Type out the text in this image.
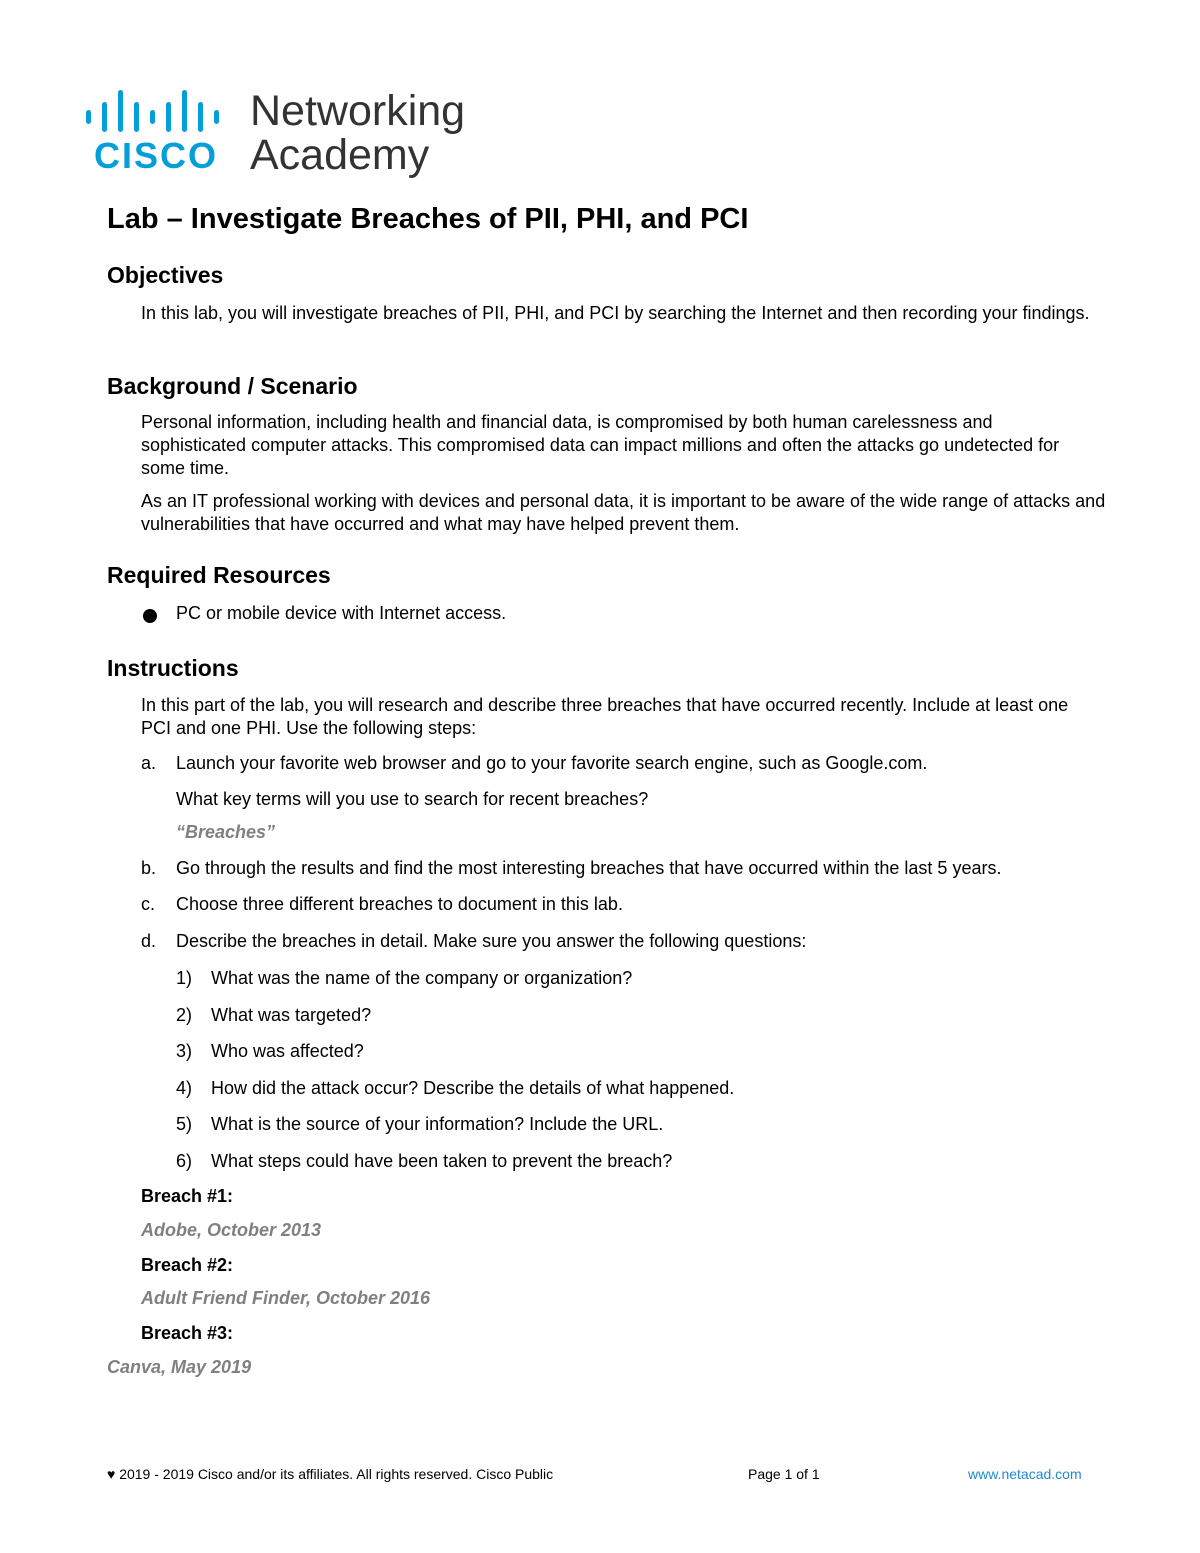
CISCO
Networking
Academy
Lab – Investigate Breaches of PII, PHI, and PCI
Objectives
In this lab, you will investigate breaches of PII, PHI, and PCI by searching the Internet and then recording your findings.
Background / Scenario
Personal information, including health and financial data, is compromised by both human carelessness and sophisticated computer attacks. This compromised data can impact millions and often the attacks go undetected for some time.
As an IT professional working with devices and personal data, it is important to be aware of the wide range of attacks and vulnerabilities that have occurred and what may have helped prevent them.
Required Resources
PC or mobile device with Internet access.
Instructions
In this part of the lab, you will research and describe three breaches that have occurred recently. Include at least one PCI and one PHI. Use the following steps:
a. Launch your favorite web browser and go to your favorite search engine, such as Google.com.
What key terms will you use to search for recent breaches?
“Breaches”
b. Go through the results and find the most interesting breaches that have occurred within the last 5 years.
c. Choose three different breaches to document in this lab.
d. Describe the breaches in detail. Make sure you answer the following questions:
1) What was the name of the company or organization?
2) What was targeted?
3) Who was affected?
4) How did the attack occur? Describe the details of what happened.
5) What is the source of your information? Include the URL.
6) What steps could have been taken to prevent the breach?
Breach #1:
Adobe, October 2013
Breach #2:
Adult Friend Finder, October 2016
Breach #3:
Canva, May 2019
♥ 2019 - 2019 Cisco and/or its affiliates. All rights reserved. Cisco Public	Page 1 of 1	www.netacad.com
